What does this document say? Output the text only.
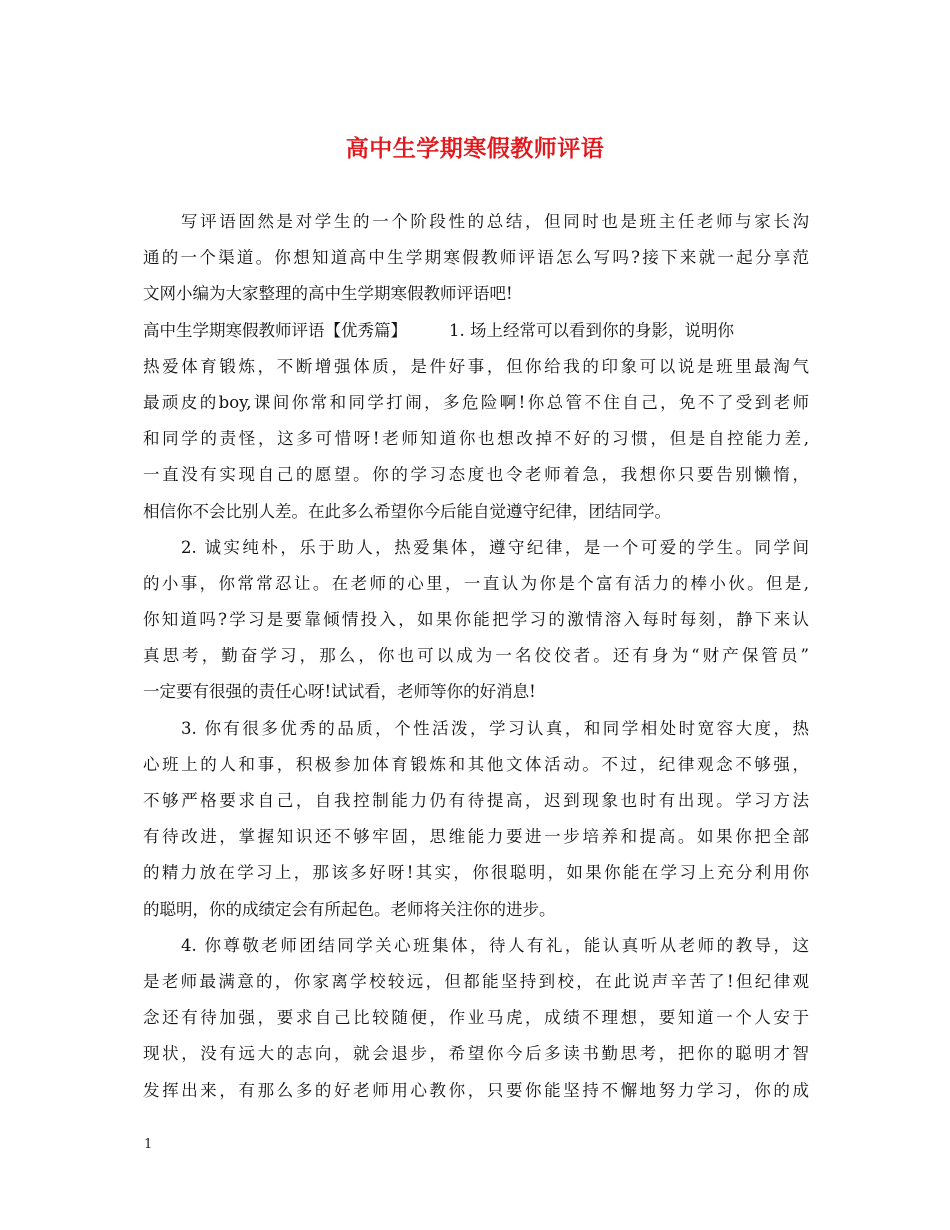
高中生学期寒假教师评语
写评语固然是对学生的一个阶段性的总结，但同时也是班主任老师与家长沟
通的一个渠道。你想知道高中生学期寒假教师评语怎么写吗?接下来就一起分享范
文网小编为大家整理的高中生学期寒假教师评语吧!
高中生学期寒假教师评语【优秀篇】	1. 场上经常可以看到你的身影，说明你
热爱体育锻炼，不断增强体质，是件好事，但你给我的印象可以说是班里最淘气
最顽皮的boy,课间你常和同学打闹，多危险啊!你总管不住自己，免不了受到老师
和同学的责怪，这多可惜呀!老师知道你也想改掉不好的习惯，但是自控能力差,
一直没有实现自己的愿望。你的学习态度也令老师着急，我想你只要告别懒惰，
相信你不会比别人差。在此多么希望你今后能自觉遵守纪律，团结同学。
2. 诚实纯朴，乐于助人，热爱集体，遵守纪律，是一个可爱的学生。同学间
的小事，你常常忍让。在老师的心里，一直认为你是个富有活力的棒小伙。但是,
你知道吗?学习是要靠倾情投入，如果你能把学习的激情溶入每时每刻，静下来认
真思考，勤奋学习，那么，你也可以成为一名佼佼者。还有身为“财产保管员”
一定要有很强的责任心呀!试试看，老师等你的好消息!
3. 你有很多优秀的品质，个性活泼，学习认真，和同学相处时宽容大度，热
心班上的人和事，积极参加体育锻炼和其他文体活动。不过，纪律观念不够强，
不够严格要求自己，自我控制能力仍有待提高，迟到现象也时有出现。学习方法
有待改进，掌握知识还不够牢固，思维能力要进一步培养和提高。如果你把全部
的精力放在学习上，那该多好呀!其实，你很聪明，如果你能在学习上充分利用你
的聪明，你的成绩定会有所起色。老师将关注你的进步。
4. 你尊敬老师团结同学关心班集体，待人有礼，能认真听从老师的教导，这
是老师最满意的，你家离学校较远，但都能坚持到校，在此说声辛苦了!但纪律观
念还有待加强，要求自己比较随便，作业马虎，成绩不理想，要知道一个人安于
现状，没有远大的志向，就会退步，希望你今后多读书勤思考，把你的聪明才智
发挥出来，有那么多的好老师用心教你，只要你能坚持不懈地努力学习，你的成
1
